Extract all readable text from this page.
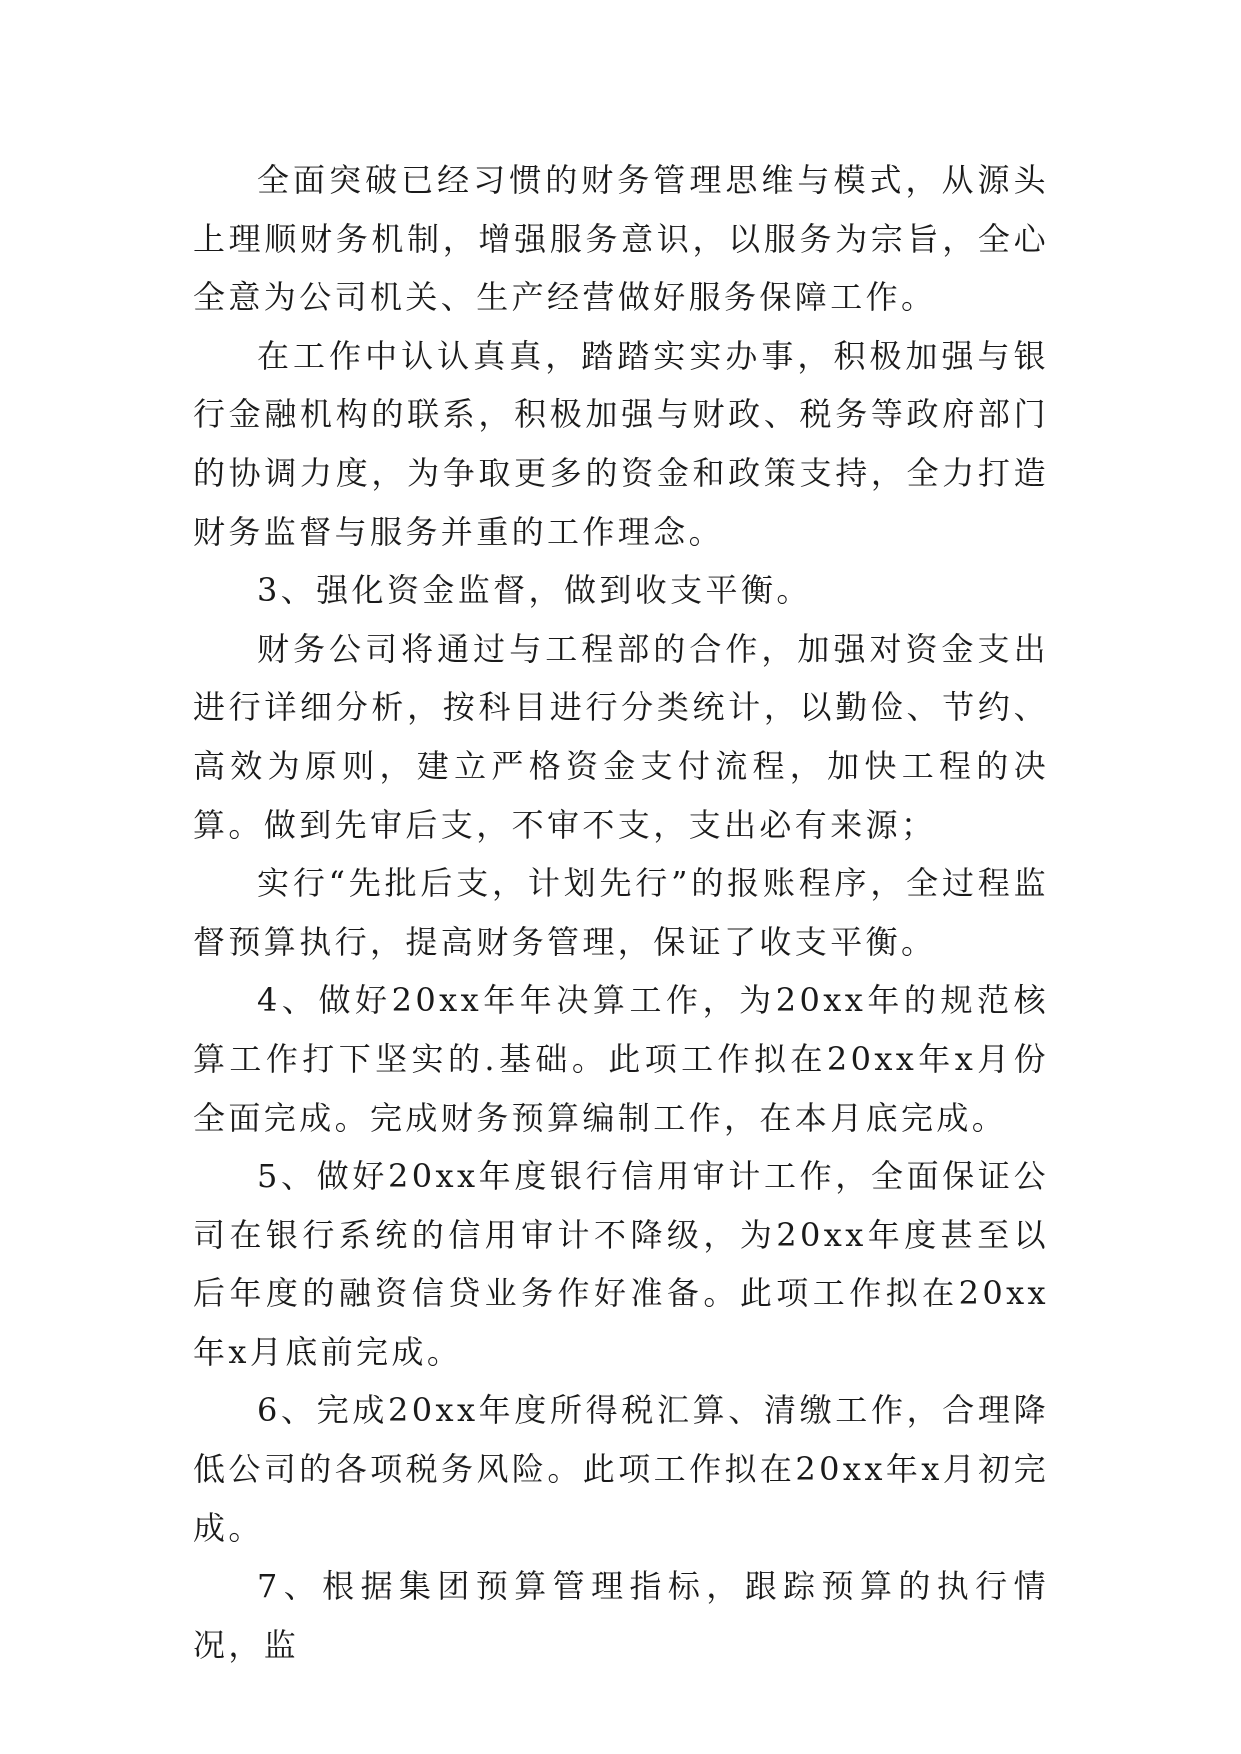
全面突破已经习惯的财务管理思维与模式，从源头上理顺财务机制，增强服务意识，以服务为宗旨，全心全意为公司机关、生产经营做好服务保障工作。

在工作中认认真真，踏踏实实办事，积极加强与银行金融机构的联系，积极加强与财政、税务等政府部门的协调力度，为争取更多的资金和政策支持，全力打造财务监督与服务并重的工作理念。

3、强化资金监督，做到收支平衡。

财务公司将通过与工程部的合作，加强对资金支出进行详细分析，按科目进行分类统计，以勤俭、节约、高效为原则，建立严格资金支付流程，加快工程的决算。做到先审后支，不审不支，支出必有来源；

实行“先批后支，计划先行”的报账程序，全过程监督预算执行，提高财务管理，保证了收支平衡。

4、做好20xx年年决算工作，为20xx年的规范核算工作打下坚实的.基础。此项工作拟在20xx年x月份全面完成。完成财务预算编制工作，在本月底完成。

5、做好20xx年度银行信用审计工作，全面保证公司在银行系统的信用审计不降级，为20xx年度甚至以后年度的融资信贷业务作好准备。此项工作拟在20xx年x月底前完成。

6、完成20xx年度所得税汇算、清缴工作，合理降低公司的各项税务风险。此项工作拟在20xx年x月初完成。

7、根据集团预算管理指标，跟踪预算的执行情况，监
